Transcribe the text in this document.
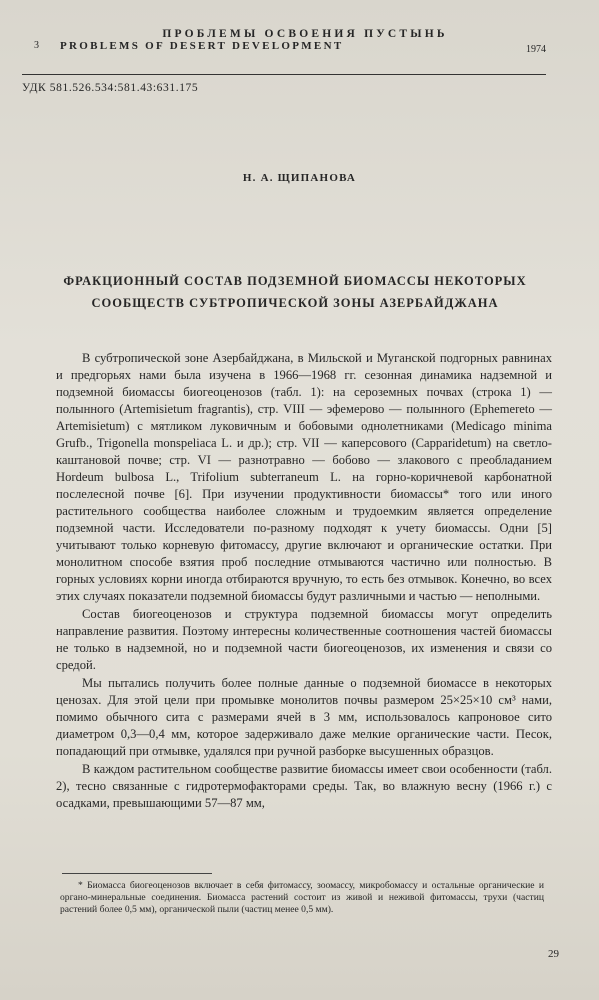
ПРОБЛЕМЫ ОСВОЕНИЯ ПУСТЫНЬ
3 PROBLEMS OF DESERT DEVELOPMENT	1974
УДК 581.526.534:581.43:631.175
Н. А. ЩИПАНОВА
ФРАКЦИОННЫЙ СОСТАВ ПОДЗЕМНОЙ БИОМАССЫ НЕКОТОРЫХ СООБЩЕСТВ СУБТРОПИЧЕСКОЙ ЗОНЫ АЗЕРБАЙДЖАНА

В субтропической зоне Азербайджана, в Мильской и Муганской подгорных равнинах и предгорьях нами была изучена в 1966—1968 гг. сезонная динамика надземной и подземной биомассы биогеоценозов (табл. 1): на сероземных почвах (строка 1) — полынного (Artemisietum fragrantis), стр. VIII — эфемерово — полынного (Ephemereto — Artemisietum) с мятликом луковичным и бобовыми однолетниками (Medicago minima Grufb., Trigonella monspeliaca L. и др.); стр. VII — каперсового (Capparidetum) на светло-каштановой почве; стр. VI — разнотравно — бобово — злакового с преобладанием Hordeum bulbosa L., Trifolium subterraneum L. на горно-коричневой карбонатной послелесной почве [6]. При изучении продуктивности биомассы* того или иного растительного сообщества наиболее сложным и трудоемким является определение подземной части. Исследователи по-разному подходят к учету биомассы. Одни [5] учитывают только корневую фитомассу, другие включают и органические остатки. При монолитном способе взятия проб последние отмываются частично или полностью. В горных условиях корни иногда отбираются вручную, то есть без отмывок. Конечно, во всех этих случаях показатели подземной биомассы будут различными и частью — неполными.

Состав биогеоценозов и структура подземной биомассы могут определить направление развития. Поэтому интересны количественные соотношения частей биомассы не только в надземной, но и подземной части биогеоценозов, их изменения и связи со средой.

Мы пытались получить более полные данные о подземной биомассе в некоторых ценозах. Для этой цели при промывке монолитов почвы размером 25×25×10 см³ нами, помимо обычного сита с размерами ячей в 3 мм, использовалось капроновое сито диаметром 0,3—0,4 мм, которое задерживало даже мелкие органические части. Песок, попадающий при отмывке, удалялся при ручной разборке высушенных образцов.

В каждом растительном сообществе развитие биомассы имеет свои особенности (табл. 2), тесно связанные с гидротермофакторами среды. Так, во влажную весну (1966 г.) с осадками, превышающими 57—87 мм,

* Биомасса биогеоценозов включает в себя фитомассу, зоомассу, микробомассу и остальные органические и органо-минеральные соединения. Биомасса растений состоит из живой и неживой фитомассы, трухи (частиц растений более 0,5 мм), органической пыли (частиц менее 0,5 мм).

29
